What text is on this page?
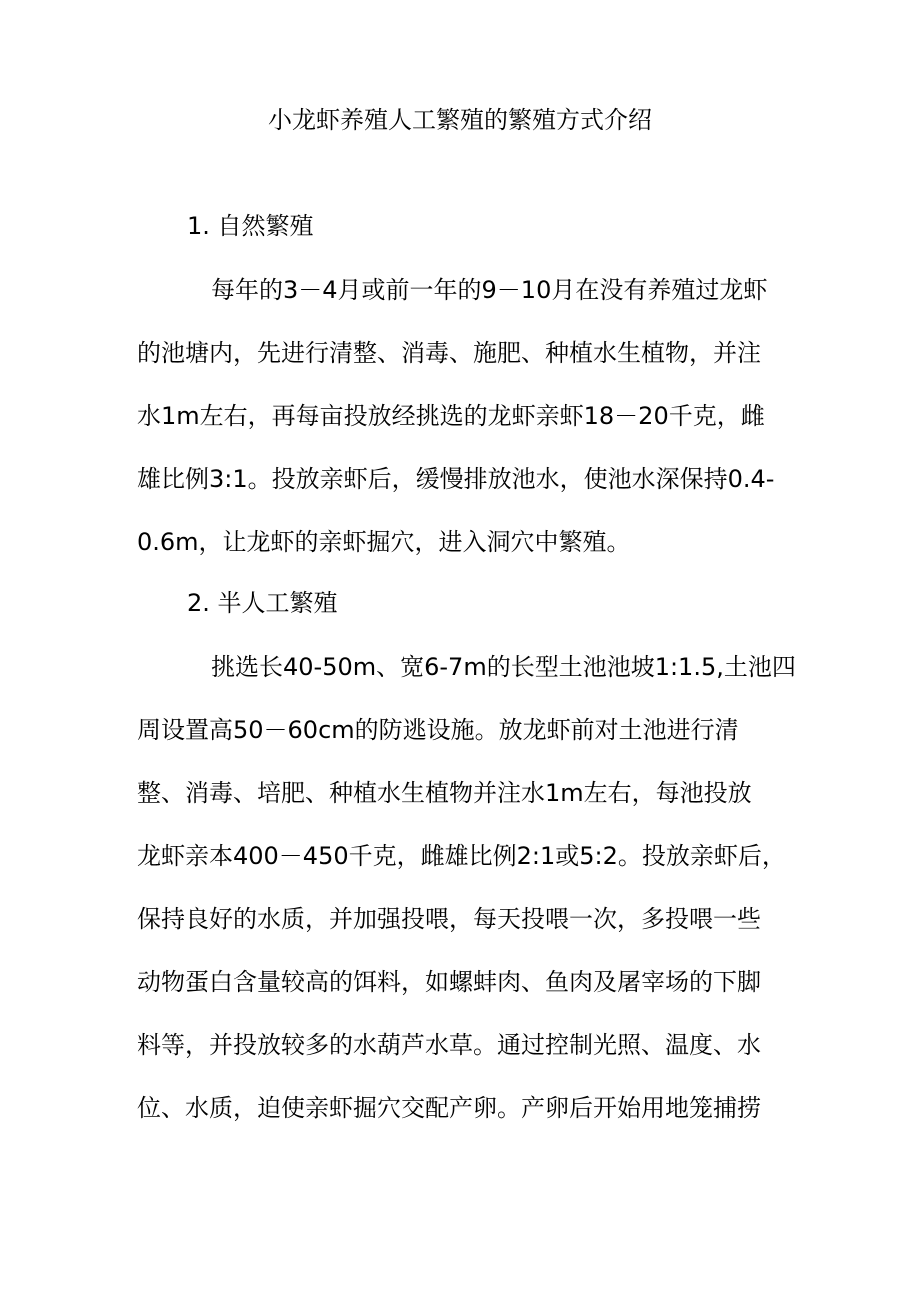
小龙虾养殖人工繁殖的繁殖方式介绍
1. 自然繁殖
每年的3－4月或前一年的9－10月在没有养殖过龙虾
的池塘内，先进行清整、消毒、施肥、种植水生植物，并注
水1m左右，再每亩投放经挑选的龙虾亲虾18－20千克，雌
雄比例3:1。投放亲虾后，缓慢排放池水，使池水深保持0.4-
0.6m，让龙虾的亲虾掘穴，进入洞穴中繁殖。
2. 半人工繁殖
挑选长40-50m、宽6-7m的长型土池池坡1:1.5,土池四
周设置高50－60cm的防逃设施。放龙虾前对土池进行清
整、消毒、培肥、种植水生植物并注水1m左右，每池投放
龙虾亲本400－450千克，雌雄比例2:1或5:2。投放亲虾后，
保持良好的水质，并加强投喂，每天投喂一次，多投喂一些
动物蛋白含量较高的饵料，如螺蚌肉、鱼肉及屠宰场的下脚
料等，并投放较多的水葫芦水草。通过控制光照、温度、水
位、水质，迫使亲虾掘穴交配产卵。产卵后开始用地笼捕捞
